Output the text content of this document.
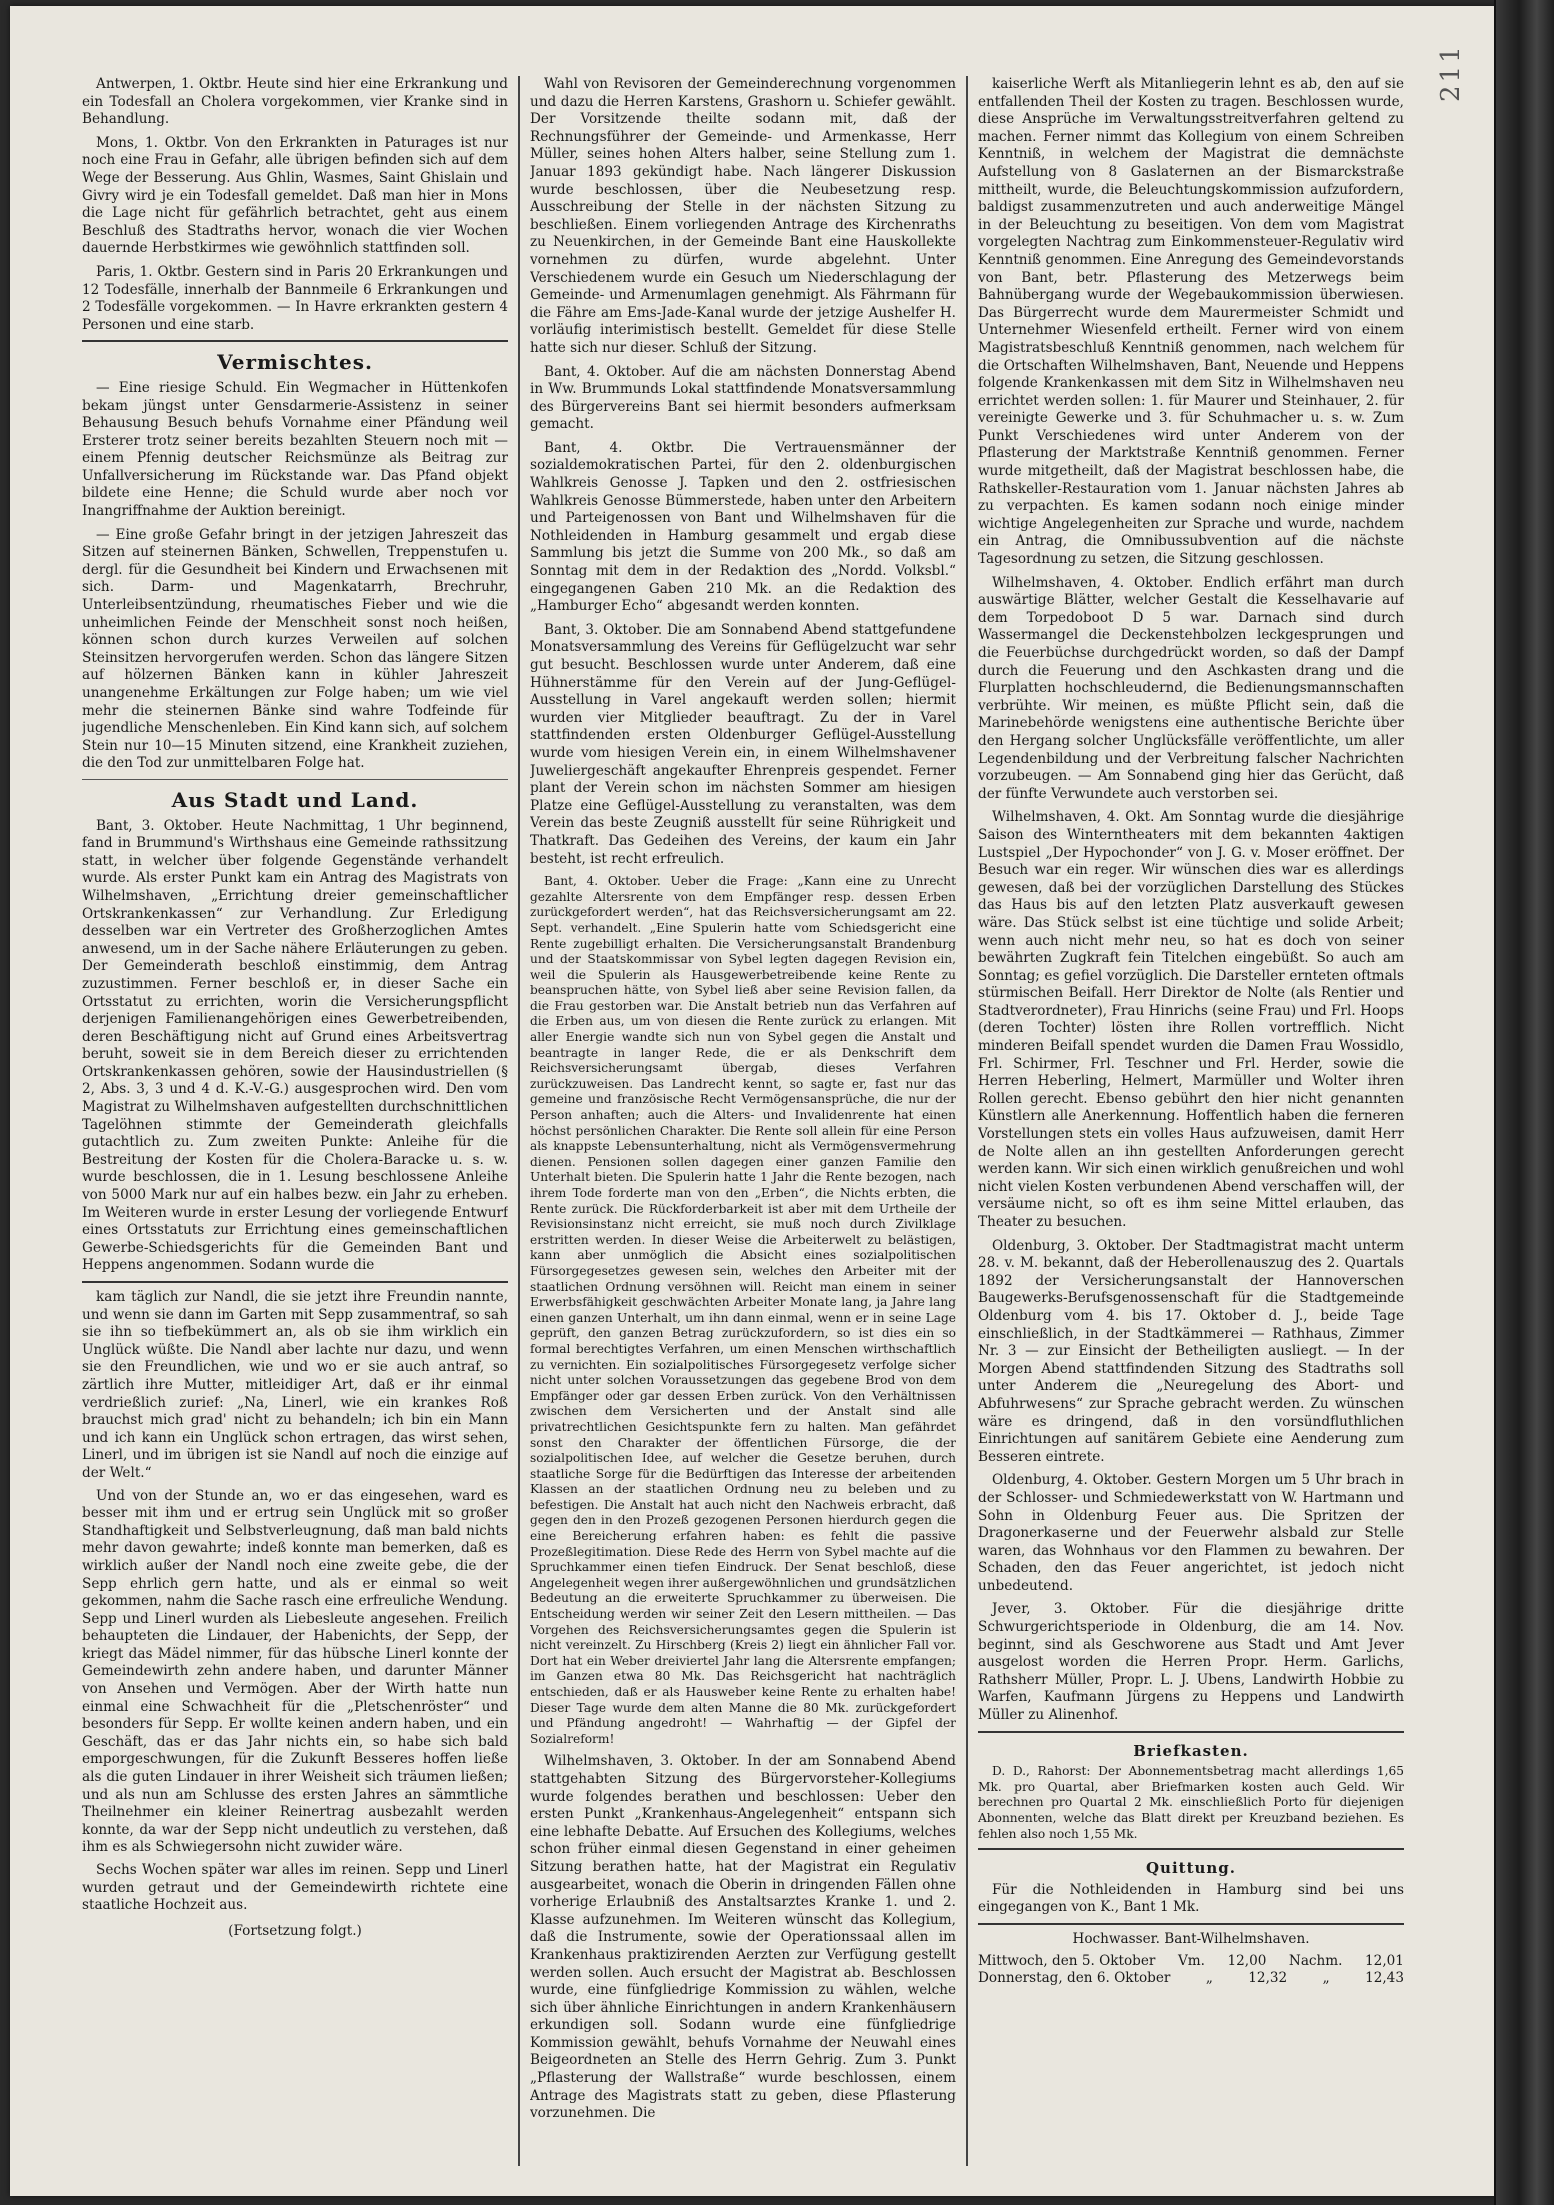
211

Antwerpen, 1. Oktbr. Heute sind hier eine Erkrankung und ein Todesfall an Cholera vorgekommen, vier Kranke sind in Behandlung.

Mons, 1. Oktbr. Von den Erkrankten in Paturages ist nur noch eine Frau in Gefahr, alle übrigen befinden sich auf dem Wege der Besserung. Aus Ghlin, Wasmes, Saint Ghislain und Givry wird je ein Todesfall gemeldet. Daß man hier in Mons die Lage nicht für gefährlich betrachtet, geht aus einem Beschluß des Stadtraths hervor, wonach die vier Wochen dauernde Herbstkirmes wie gewöhnlich stattfinden soll.

Paris, 1. Oktbr. Gestern sind in Paris 20 Erkrankungen und 12 Todesfälle, innerhalb der Bannmeile 6 Erkrankungen und 2 Todesfälle vorgekommen. — In Havre erkrankten gestern 4 Personen und eine starb.

Vermischtes.

— Eine riesige Schuld. Ein Wegmacher in Hüttenkofen bekam jüngst unter Gensdarmerie-Assistenz in seiner Behausung Besuch behufs Vornahme einer Pfändung weil Ersterer trotz seiner bereits bezahlten Steuern noch mit — einem Pfennig deutscher Reichsmünze als Beitrag zur Unfallversicherung im Rückstande war. Das Pfand objekt bildete eine Henne; die Schuld wurde aber noch vor Inangriffnahme der Auktion bereinigt.

— Eine große Gefahr bringt in der jetzigen Jahreszeit das Sitzen auf steinernen Bänken, Schwellen, Treppenstufen u. dergl. für die Gesundheit bei Kindern und Erwachsenen mit sich. Darm- und Magenkatarrh, Brechruhr, Unterleibsentzündung, rheumatisches Fieber und wie die unheimlichen Feinde der Menschheit sonst noch heißen, können schon durch kurzes Verweilen auf solchen Steinsitzen hervorgerufen werden. Schon das längere Sitzen auf hölzernen Bänken kann in kühler Jahreszeit unangenehme Erkältungen zur Folge haben; um wie viel mehr die steinernen Bänke sind wahre Todfeinde für jugendliche Menschenleben. Ein Kind kann sich, auf solchem Stein nur 10—15 Minuten sitzend, eine Krankheit zuziehen, die den Tod zur unmittelbaren Folge hat.

Aus Stadt und Land.

Bant, 3. Oktober. Heute Nachmittag, 1 Uhr beginnend, fand in Brummund's Wirthshaus eine Gemeinde rathssitzung statt, in welcher über folgende Gegenstände verhandelt wurde. Als erster Punkt kam ein Antrag des Magistrats von Wilhelmshaven, „Errichtung dreier gemeinschaftlicher Ortskrankenkassen“ zur Verhandlung. Zur Erledigung desselben war ein Vertreter des Großherzoglichen Amtes anwesend, um in der Sache nähere Erläuterungen zu geben. Der Gemeinderath beschloß einstimmig, dem Antrag zuzustimmen. Ferner beschloß er, in dieser Sache ein Ortsstatut zu errichten, worin die Versicherungspflicht derjenigen Familienangehörigen eines Gewerbetreibenden, deren Beschäftigung nicht auf Grund eines Arbeitsvertrag beruht, soweit sie in dem Bereich dieser zu errichtenden Ortskrankenkassen gehören, sowie der Hausindustriellen (§ 2, Abs. 3, 3 und 4 d. K.-V.-G.) ausgesprochen wird. Den vom Magistrat zu Wilhelmshaven aufgestellten durchschnittlichen Tagelöhnen stimmte der Gemeinderath gleichfalls gutachtlich zu. Zum zweiten Punkte: Anleihe für die Bestreitung der Kosten für die Cholera-Baracke u. s. w. wurde beschlossen, die in 1. Lesung beschlossene Anleihe von 5000 Mark nur auf ein halbes bezw. ein Jahr zu erheben. Im Weiteren wurde in erster Lesung der vorliegende Entwurf eines Ortsstatuts zur Errichtung eines gemeinschaftlichen Gewerbe-Schiedsgerichts für die Gemeinden Bant und Heppens angenommen. Sodann wurde die

kam täglich zur Nandl, die sie jetzt ihre Freundin nannte, und wenn sie dann im Garten mit Sepp zusammentraf, so sah sie ihn so tiefbekümmert an, als ob sie ihm wirklich ein Unglück wüßte. Die Nandl aber lachte nur dazu, und wenn sie den Freundlichen, wie und wo er sie auch antraf, so zärtlich ihre Mutter, mitleidiger Art, daß er ihr einmal verdrießlich zurief: „Na, Linerl, wie ein krankes Roß brauchst mich grad' nicht zu behandeln; ich bin ein Mann und ich kann ein Unglück schon ertragen, das wirst sehen, Linerl, und im übrigen ist sie Nandl auf noch die einzige auf der Welt.“

Und von der Stunde an, wo er das eingesehen, ward es besser mit ihm und er ertrug sein Unglück mit so großer Standhaftigkeit und Selbstverleugnung, daß man bald nichts mehr davon gewahrte; indeß konnte man bemerken, daß es wirklich außer der Nandl noch eine zweite gebe, die der Sepp ehrlich gern hatte, und als er einmal so weit gekommen, nahm die Sache rasch eine erfreuliche Wendung. Sepp und Linerl wurden als Liebesleute angesehen. Freilich behaupteten die Lindauer, der Habenichts, der Sepp, der kriegt das Mädel nimmer, für das hübsche Linerl konnte der Gemeindewirth zehn andere haben, und darunter Männer von Ansehen und Vermögen. Aber der Wirth hatte nun einmal eine Schwachheit für die „Pletschenröster“ und besonders für Sepp. Er wollte keinen andern haben, und ein Geschäft, das er das Jahr nichts ein, so habe sich bald emporgeschwungen, für die Zukunft Besseres hoffen ließe als die guten Lindauer in ihrer Weisheit sich träumen ließen; und als nun am Schlusse des ersten Jahres an sämmtliche Theilnehmer ein kleiner Reinertrag ausbezahlt werden konnte, da war der Sepp nicht undeutlich zu verstehen, daß ihm es als Schwiegersohn nicht zuwider wäre.

Sechs Wochen später war alles im reinen. Sepp und Linerl wurden getraut und der Gemeindewirth richtete eine staatliche Hochzeit aus.

(Fortsetzung folgt.)

Wahl von Revisoren der Gemeinderechnung vorgenommen und dazu die Herren Karstens, Grashorn u. Schiefer gewählt. Der Vorsitzende theilte sodann mit, daß der Rechnungsführer der Gemeinde- und Armenkasse, Herr Müller, seines hohen Alters halber, seine Stellung zum 1. Januar 1893 gekündigt habe. Nach längerer Diskussion wurde beschlossen, über die Neubesetzung resp. Ausschreibung der Stelle in der nächsten Sitzung zu beschließen. Einem vorliegenden Antrage des Kirchenraths zu Neuenkirchen, in der Gemeinde Bant eine Hauskollekte vornehmen zu dürfen, wurde abgelehnt. Unter Verschiedenem wurde ein Gesuch um Niederschlagung der Gemeinde- und Armenumlagen genehmigt. Als Fährmann für die Fähre am Ems-Jade-Kanal wurde der jetzige Aushelfer H. vorläufig interimistisch bestellt. Gemeldet für diese Stelle hatte sich nur dieser. Schluß der Sitzung.

Bant, 4. Oktober. Auf die am nächsten Donnerstag Abend in Ww. Brummunds Lokal stattfindende Monatsversammlung des Bürgervereins Bant sei hiermit besonders aufmerksam gemacht.

Bant, 4. Oktbr. Die Vertrauensmänner der sozialdemokratischen Partei, für den 2. oldenburgischen Wahlkreis Genosse J. Tapken und den 2. ostfriesischen Wahlkreis Genosse Bümmerstede, haben unter den Arbeitern und Parteigenossen von Bant und Wilhelmshaven für die Nothleidenden in Hamburg gesammelt und ergab diese Sammlung bis jetzt die Summe von 200 Mk., so daß am Sonntag mit dem in der Redaktion des „Nordd. Volksbl.“ eingegangenen Gaben 210 Mk. an die Redaktion des „Hamburger Echo“ abgesandt werden konnten.

Bant, 3. Oktober. Die am Sonnabend Abend stattgefundene Monatsversammlung des Vereins für Geflügelzucht war sehr gut besucht. Beschlossen wurde unter Anderem, daß eine Hühnerstämme für den Verein auf der Jung-Geflügel-Ausstellung in Varel angekauft werden sollen; hiermit wurden vier Mitglieder beauftragt. Zu der in Varel stattfindenden ersten Oldenburger Geflügel-Ausstellung wurde vom hiesigen Verein ein, in einem Wilhelmshavener Juweliergeschäft angekaufter Ehrenpreis gespendet. Ferner plant der Verein schon im nächsten Sommer am hiesigen Platze eine Geflügel-Ausstellung zu veranstalten, was dem Verein das beste Zeugniß ausstellt für seine Rührigkeit und Thatkraft. Das Gedeihen des Vereins, der kaum ein Jahr besteht, ist recht erfreulich.

Bant, 4. Oktober. Ueber die Frage: „Kann eine zu Unrecht gezahlte Altersrente von dem Empfänger resp. dessen Erben zurückgefordert werden“, hat das Reichsversicherungsamt am 22. Sept. verhandelt. „Eine Spulerin hatte vom Schiedsgericht eine Rente zugebilligt erhalten. Die Versicherungsanstalt Brandenburg und der Staatskommissar von Sybel legten dagegen Revision ein, weil die Spulerin als Hausgewerbetreibende keine Rente zu beanspruchen hätte, von Sybel ließ aber seine Revision fallen, da die Frau gestorben war. Die Anstalt betrieb nun das Verfahren auf die Erben aus, um von diesen die Rente zurück zu erlangen. Mit aller Energie wandte sich nun von Sybel gegen die Anstalt und beantragte in langer Rede, die er als Denkschrift dem Reichsversicherungsamt übergab, dieses Verfahren zurückzuweisen. Das Landrecht kennt, so sagte er, fast nur das gemeine und französische Recht Vermögensansprüche, die nur der Person anhaften; auch die Alters- und Invalidenrente hat einen höchst persönlichen Charakter. Die Rente soll allein für eine Person als knappste Lebensunterhaltung, nicht als Vermögensvermehrung dienen. Pensionen sollen dagegen einer ganzen Familie den Unterhalt bieten. Die Spulerin hatte 1 Jahr die Rente bezogen, nach ihrem Tode forderte man von den „Erben“, die Nichts erbten, die Rente zurück. Die Rückforderbarkeit ist aber mit dem Urtheile der Revisionsinstanz nicht erreicht, sie muß noch durch Zivilklage erstritten werden. In dieser Weise die Arbeiterwelt zu belästigen, kann aber unmöglich die Absicht eines sozialpolitischen Fürsorgegesetzes gewesen sein, welches den Arbeiter mit der staatlichen Ordnung versöhnen will. Reicht man einem in seiner Erwerbsfähigkeit geschwächten Arbeiter Monate lang, ja Jahre lang einen ganzen Unterhalt, um ihn dann einmal, wenn er in seine Lage geprüft, den ganzen Betrag zurückzufordern, so ist dies ein so formal berechtigtes Verfahren, um einen Menschen wirthschaftlich zu vernichten. Ein sozialpolitisches Fürsorgegesetz verfolge sicher nicht unter solchen Voraussetzungen das gegebene Brod von dem Empfänger oder gar dessen Erben zurück. Von den Verhältnissen zwischen dem Versicherten und der Anstalt sind alle privatrechtlichen Gesichtspunkte fern zu halten. Man gefährdet sonst den Charakter der öffentlichen Fürsorge, die der sozialpolitischen Idee, auf welcher die Gesetze beruhen, durch staatliche Sorge für die Bedürftigen das Interesse der arbeitenden Klassen an der staatlichen Ordnung neu zu beleben und zu befestigen. Die Anstalt hat auch nicht den Nachweis erbracht, daß gegen den in den Prozeß gezogenen Personen hierdurch gegen die eine Bereicherung erfahren haben: es fehlt die passive Prozeßlegitimation. Diese Rede des Herrn von Sybel machte auf die Spruchkammer einen tiefen Eindruck. Der Senat beschloß, diese Angelegenheit wegen ihrer außergewöhnlichen und grundsätzlichen Bedeutung an die erweiterte Spruchkammer zu überweisen. Die Entscheidung werden wir seiner Zeit den Lesern mittheilen. — Das Vorgehen des Reichsversicherungsamtes gegen die Spulerin ist nicht vereinzelt. Zu Hirschberg (Kreis 2) liegt ein ähnlicher Fall vor. Dort hat ein Weber dreiviertel Jahr lang die Altersrente empfangen; im Ganzen etwa 80 Mk. Das Reichsgericht hat nachträglich entschieden, daß er als Hausweber keine Rente zu erhalten habe! Dieser Tage wurde dem alten Manne die 80 Mk. zurückgefordert und Pfändung angedroht! — Wahrhaftig — der Gipfel der Sozialreform!

Wilhelmshaven, 3. Oktober. In der am Sonnabend Abend stattgehabten Sitzung des Bürgervorsteher-Kollegiums wurde folgendes berathen und beschlossen: Ueber den ersten Punkt „Krankenhaus-Angelegenheit“ entspann sich eine lebhafte Debatte. Auf Ersuchen des Kollegiums, welches schon früher einmal diesen Gegenstand in einer geheimen Sitzung berathen hatte, hat der Magistrat ein Regulativ ausgearbeitet, wonach die Oberin in dringenden Fällen ohne vorherige Erlaubniß des Anstaltsarztes Kranke 1. und 2. Klasse aufzunehmen. Im Weiteren wünscht das Kollegium, daß die Instrumente, sowie der Operationssaal allen im Krankenhaus praktizirenden Aerzten zur Verfügung gestellt werden sollen. Auch ersucht der Magistrat ab. Beschlossen wurde, eine fünfgliedrige Kommission zu wählen, welche sich über ähnliche Einrichtungen in andern Krankenhäusern erkundigen soll. Sodann wurde eine fünfgliedrige Kommission gewählt, behufs Vornahme der Neuwahl eines Beigeordneten an Stelle des Herrn Gehrig. Zum 3. Punkt „Pflasterung der Wallstraße“ wurde beschlossen, einem Antrage des Magistrats statt zu geben, diese Pflasterung vorzunehmen. Die

kaiserliche Werft als Mitanliegerin lehnt es ab, den auf sie entfallenden Theil der Kosten zu tragen. Beschlossen wurde, diese Ansprüche im Verwaltungsstreitverfahren geltend zu machen. Ferner nimmt das Kollegium von einem Schreiben Kenntniß, in welchem der Magistrat die demnächste Aufstellung von 8 Gaslaternen an der Bismarckstraße mittheilt, wurde, die Beleuchtungskommission aufzufordern, baldigst zusammenzutreten und auch anderweitige Mängel in der Beleuchtung zu beseitigen. Von dem vom Magistrat vorgelegten Nachtrag zum Einkommensteuer-Regulativ wird Kenntniß genommen. Eine Anregung des Gemeindevorstands von Bant, betr. Pflasterung des Metzerwegs beim Bahnübergang wurde der Wegebaukommission überwiesen. Das Bürgerrecht wurde dem Maurermeister Schmidt und Unternehmer Wiesenfeld ertheilt. Ferner wird von einem Magistratsbeschluß Kenntniß genommen, nach welchem für die Ortschaften Wilhelmshaven, Bant, Neuende und Heppens folgende Krankenkassen mit dem Sitz in Wilhelmshaven neu errichtet werden sollen: 1. für Maurer und Steinhauer, 2. für vereinigte Gewerke und 3. für Schuhmacher u. s. w. Zum Punkt Verschiedenes wird unter Anderem von der Pflasterung der Marktstraße Kenntniß genommen. Ferner wurde mitgetheilt, daß der Magistrat beschlossen habe, die Rathskeller-Restauration vom 1. Januar nächsten Jahres ab zu verpachten. Es kamen sodann noch einige minder wichtige Angelegenheiten zur Sprache und wurde, nachdem ein Antrag, die Omnibussubvention auf die nächste Tagesordnung zu setzen, die Sitzung geschlossen.

Wilhelmshaven, 4. Oktober. Endlich erfährt man durch auswärtige Blätter, welcher Gestalt die Kesselhavarie auf dem Torpedoboot D 5 war. Darnach sind durch Wassermangel die Deckenstehbolzen leckgesprungen und die Feuerbüchse durchgedrückt worden, so daß der Dampf durch die Feuerung und den Aschkasten drang und die Flurplatten hochschleudernd, die Bedienungsmannschaften verbrühte. Wir meinen, es müßte Pflicht sein, daß die Marinebehörde wenigstens eine authentische Berichte über den Hergang solcher Unglücksfälle veröffentlichte, um aller Legendenbildung und der Verbreitung falscher Nachrichten vorzubeugen. — Am Sonnabend ging hier das Gerücht, daß der fünfte Verwundete auch verstorben sei.

Wilhelmshaven, 4. Okt. Am Sonntag wurde die diesjährige Saison des Winterntheaters mit dem bekannten 4aktigen Lustspiel „Der Hypochonder“ von J. G. v. Moser eröffnet. Der Besuch war ein reger. Wir wünschen dies war es allerdings gewesen, daß bei der vorzüglichen Darstellung des Stückes das Haus bis auf den letzten Platz ausverkauft gewesen wäre. Das Stück selbst ist eine tüchtige und solide Arbeit; wenn auch nicht mehr neu, so hat es doch von seiner bewährten Zugkraft fein Titelchen eingebüßt. So auch am Sonntag; es gefiel vorzüglich. Die Darsteller ernteten oftmals stürmischen Beifall. Herr Direktor de Nolte (als Rentier und Stadtverordneter), Frau Hinrichs (seine Frau) und Frl. Hoops (deren Tochter) lösten ihre Rollen vortrefflich. Nicht minderen Beifall spendet wurden die Damen Frau Wossidlo, Frl. Schirmer, Frl. Teschner und Frl. Herder, sowie die Herren Heberling, Helmert, Marmüller und Wolter ihren Rollen gerecht. Ebenso gebührt den hier nicht genannten Künstlern alle Anerkennung. Hoffentlich haben die ferneren Vorstellungen stets ein volles Haus aufzuweisen, damit Herr de Nolte allen an ihn gestellten Anforderungen gerecht werden kann. Wir sich einen wirklich genußreichen und wohl nicht vielen Kosten verbundenen Abend verschaffen will, der versäume nicht, so oft es ihm seine Mittel erlauben, das Theater zu besuchen.

Oldenburg, 3. Oktober. Der Stadtmagistrat macht unterm 28. v. M. bekannt, daß der Heberollenauszug des 2. Quartals 1892 der Versicherungsanstalt der Hannoverschen Baugewerks-Berufsgenossenschaft für die Stadtgemeinde Oldenburg vom 4. bis 17. Oktober d. J., beide Tage einschließlich, in der Stadtkämmerei — Rathhaus, Zimmer Nr. 3 — zur Einsicht der Betheiligten ausliegt. — In der Morgen Abend stattfindenden Sitzung des Stadtraths soll unter Anderem die „Neuregelung des Abort- und Abfuhrwesens“ zur Sprache gebracht werden. Zu wünschen wäre es dringend, daß in den vorsündfluthlichen Einrichtungen auf sanitärem Gebiete eine Aenderung zum Besseren eintrete.

Oldenburg, 4. Oktober. Gestern Morgen um 5 Uhr brach in der Schlosser- und Schmiedewerkstatt von W. Hartmann und Sohn in Oldenburg Feuer aus. Die Spritzen der Dragonerkaserne und der Feuerwehr alsbald zur Stelle waren, das Wohnhaus vor den Flammen zu bewahren. Der Schaden, den das Feuer angerichtet, ist jedoch nicht unbedeutend.

Jever, 3. Oktober. Für die diesjährige dritte Schwurgerichtsperiode in Oldenburg, die am 14. Nov. beginnt, sind als Geschworene aus Stadt und Amt Jever ausgelost worden die Herren Propr. Herm. Garlichs, Rathsherr Müller, Propr. L. J. Ubens, Landwirth Hobbie zu Warfen, Kaufmann Jürgens zu Heppens und Landwirth Müller zu Alinenhof.

Briefkasten.

D. D., Rahorst: Der Abonnementsbetrag macht allerdings 1,65 Mk. pro Quartal, aber Briefmarken kosten auch Geld. Wir berechnen pro Quartal 2 Mk. einschließlich Porto für diejenigen Abonnenten, welche das Blatt direkt per Kreuzband beziehen. Es fehlen also noch 1,55 Mk.

Quittung.

Für die Nothleidenden in Hamburg sind bei uns eingegangen von K., Bant 1 Mk.

Hochwasser. Bant-Wilhelmshaven.
Mittwoch, den 5. Oktober Vm. 12,00 Nachm. 12,01
Donnerstag, den 6. Oktober	„	12,32	„	12,43
